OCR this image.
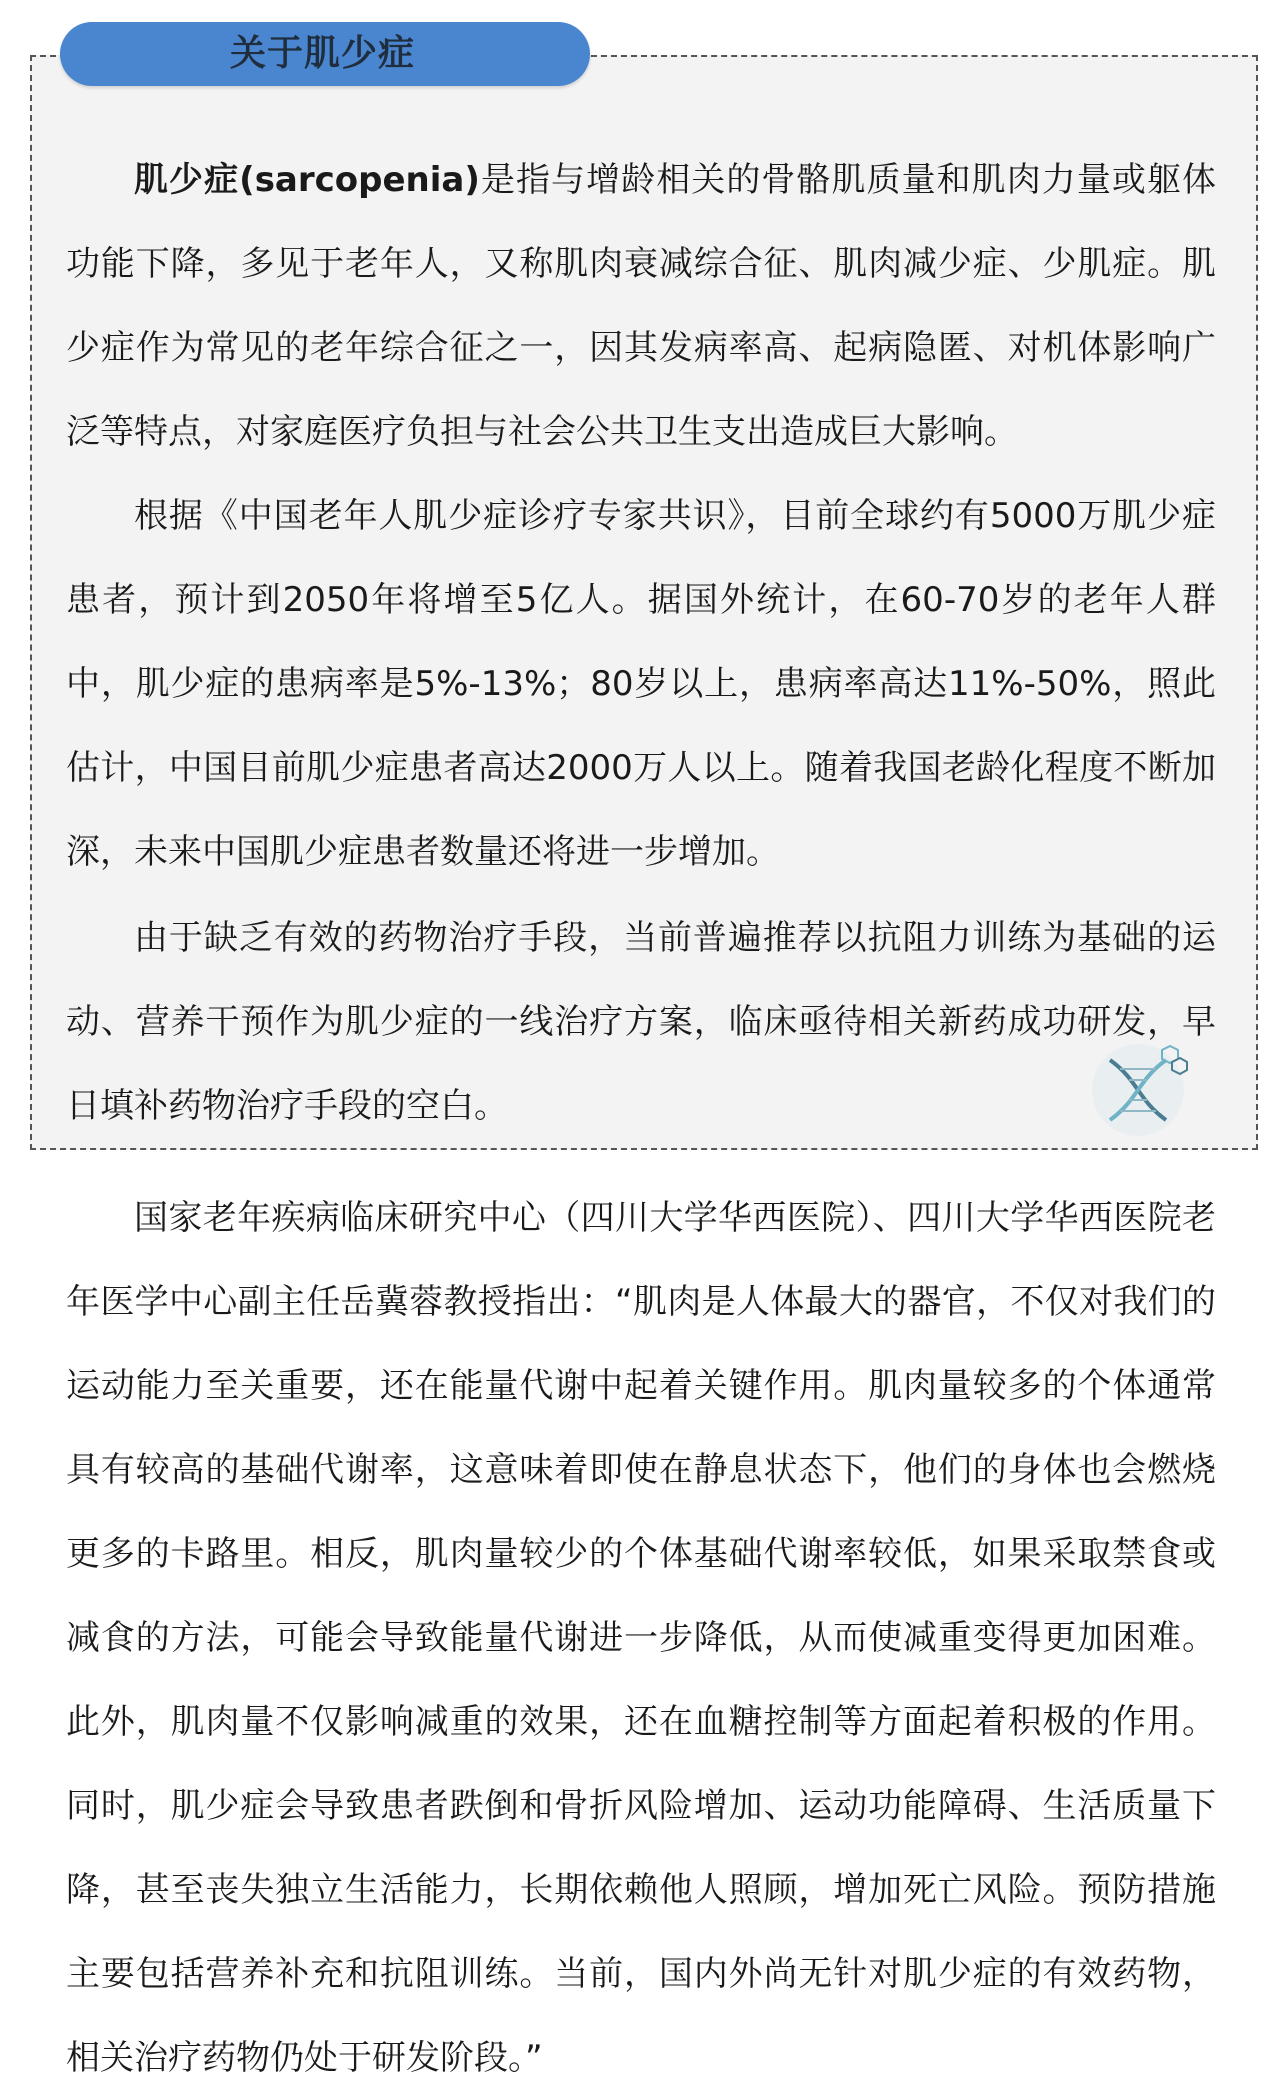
关于肌少症

肌少症(sarcopenia)是指与增龄相关的骨骼肌质量和肌肉力量或躯体功能下降，多见于老年人，又称肌肉衰减综合征、肌肉减少症、少肌症。肌少症作为常见的老年综合征之一，因其发病率高、起病隐匿、对机体影响广泛等特点，对家庭医疗负担与社会公共卫生支出造成巨大影响。

根据《中国老年人肌少症诊疗专家共识》，目前全球约有5000万肌少症患者，预计到2050年将增至5亿人。据国外统计，在60-70岁的老年人群中，肌少症的患病率是5%-13%；80岁以上，患病率高达11%-50%，照此估计，中国目前肌少症患者高达2000万人以上。随着我国老龄化程度不断加深，未来中国肌少症患者数量还将进一步增加。

由于缺乏有效的药物治疗手段，当前普遍推荐以抗阻力训练为基础的运动、营养干预作为肌少症的一线治疗方案，临床亟待相关新药成功研发，早日填补药物治疗手段的空白。

国家老年疾病临床研究中心（四川大学华西医院）、四川大学华西医院老年医学中心副主任岳冀蓉教授指出：“肌肉是人体最大的器官，不仅对我们的运动能力至关重要，还在能量代谢中起着关键作用。肌肉量较多的个体通常具有较高的基础代谢率，这意味着即使在静息状态下，他们的身体也会燃烧更多的卡路里。相反，肌肉量较少的个体基础代谢率较低，如果采取禁食或减食的方法，可能会导致能量代谢进一步降低，从而使减重变得更加困难。此外，肌肉量不仅影响减重的效果，还在血糖控制等方面起着积极的作用。同时，肌少症会导致患者跌倒和骨折风险增加、运动功能障碍、生活质量下降，甚至丧失独立生活能力，长期依赖他人照顾，增加死亡风险。预防措施主要包括营养补充和抗阻训练。当前，国内外尚无针对肌少症的有效药物，相关治疗药物仍处于研发阶段。”
